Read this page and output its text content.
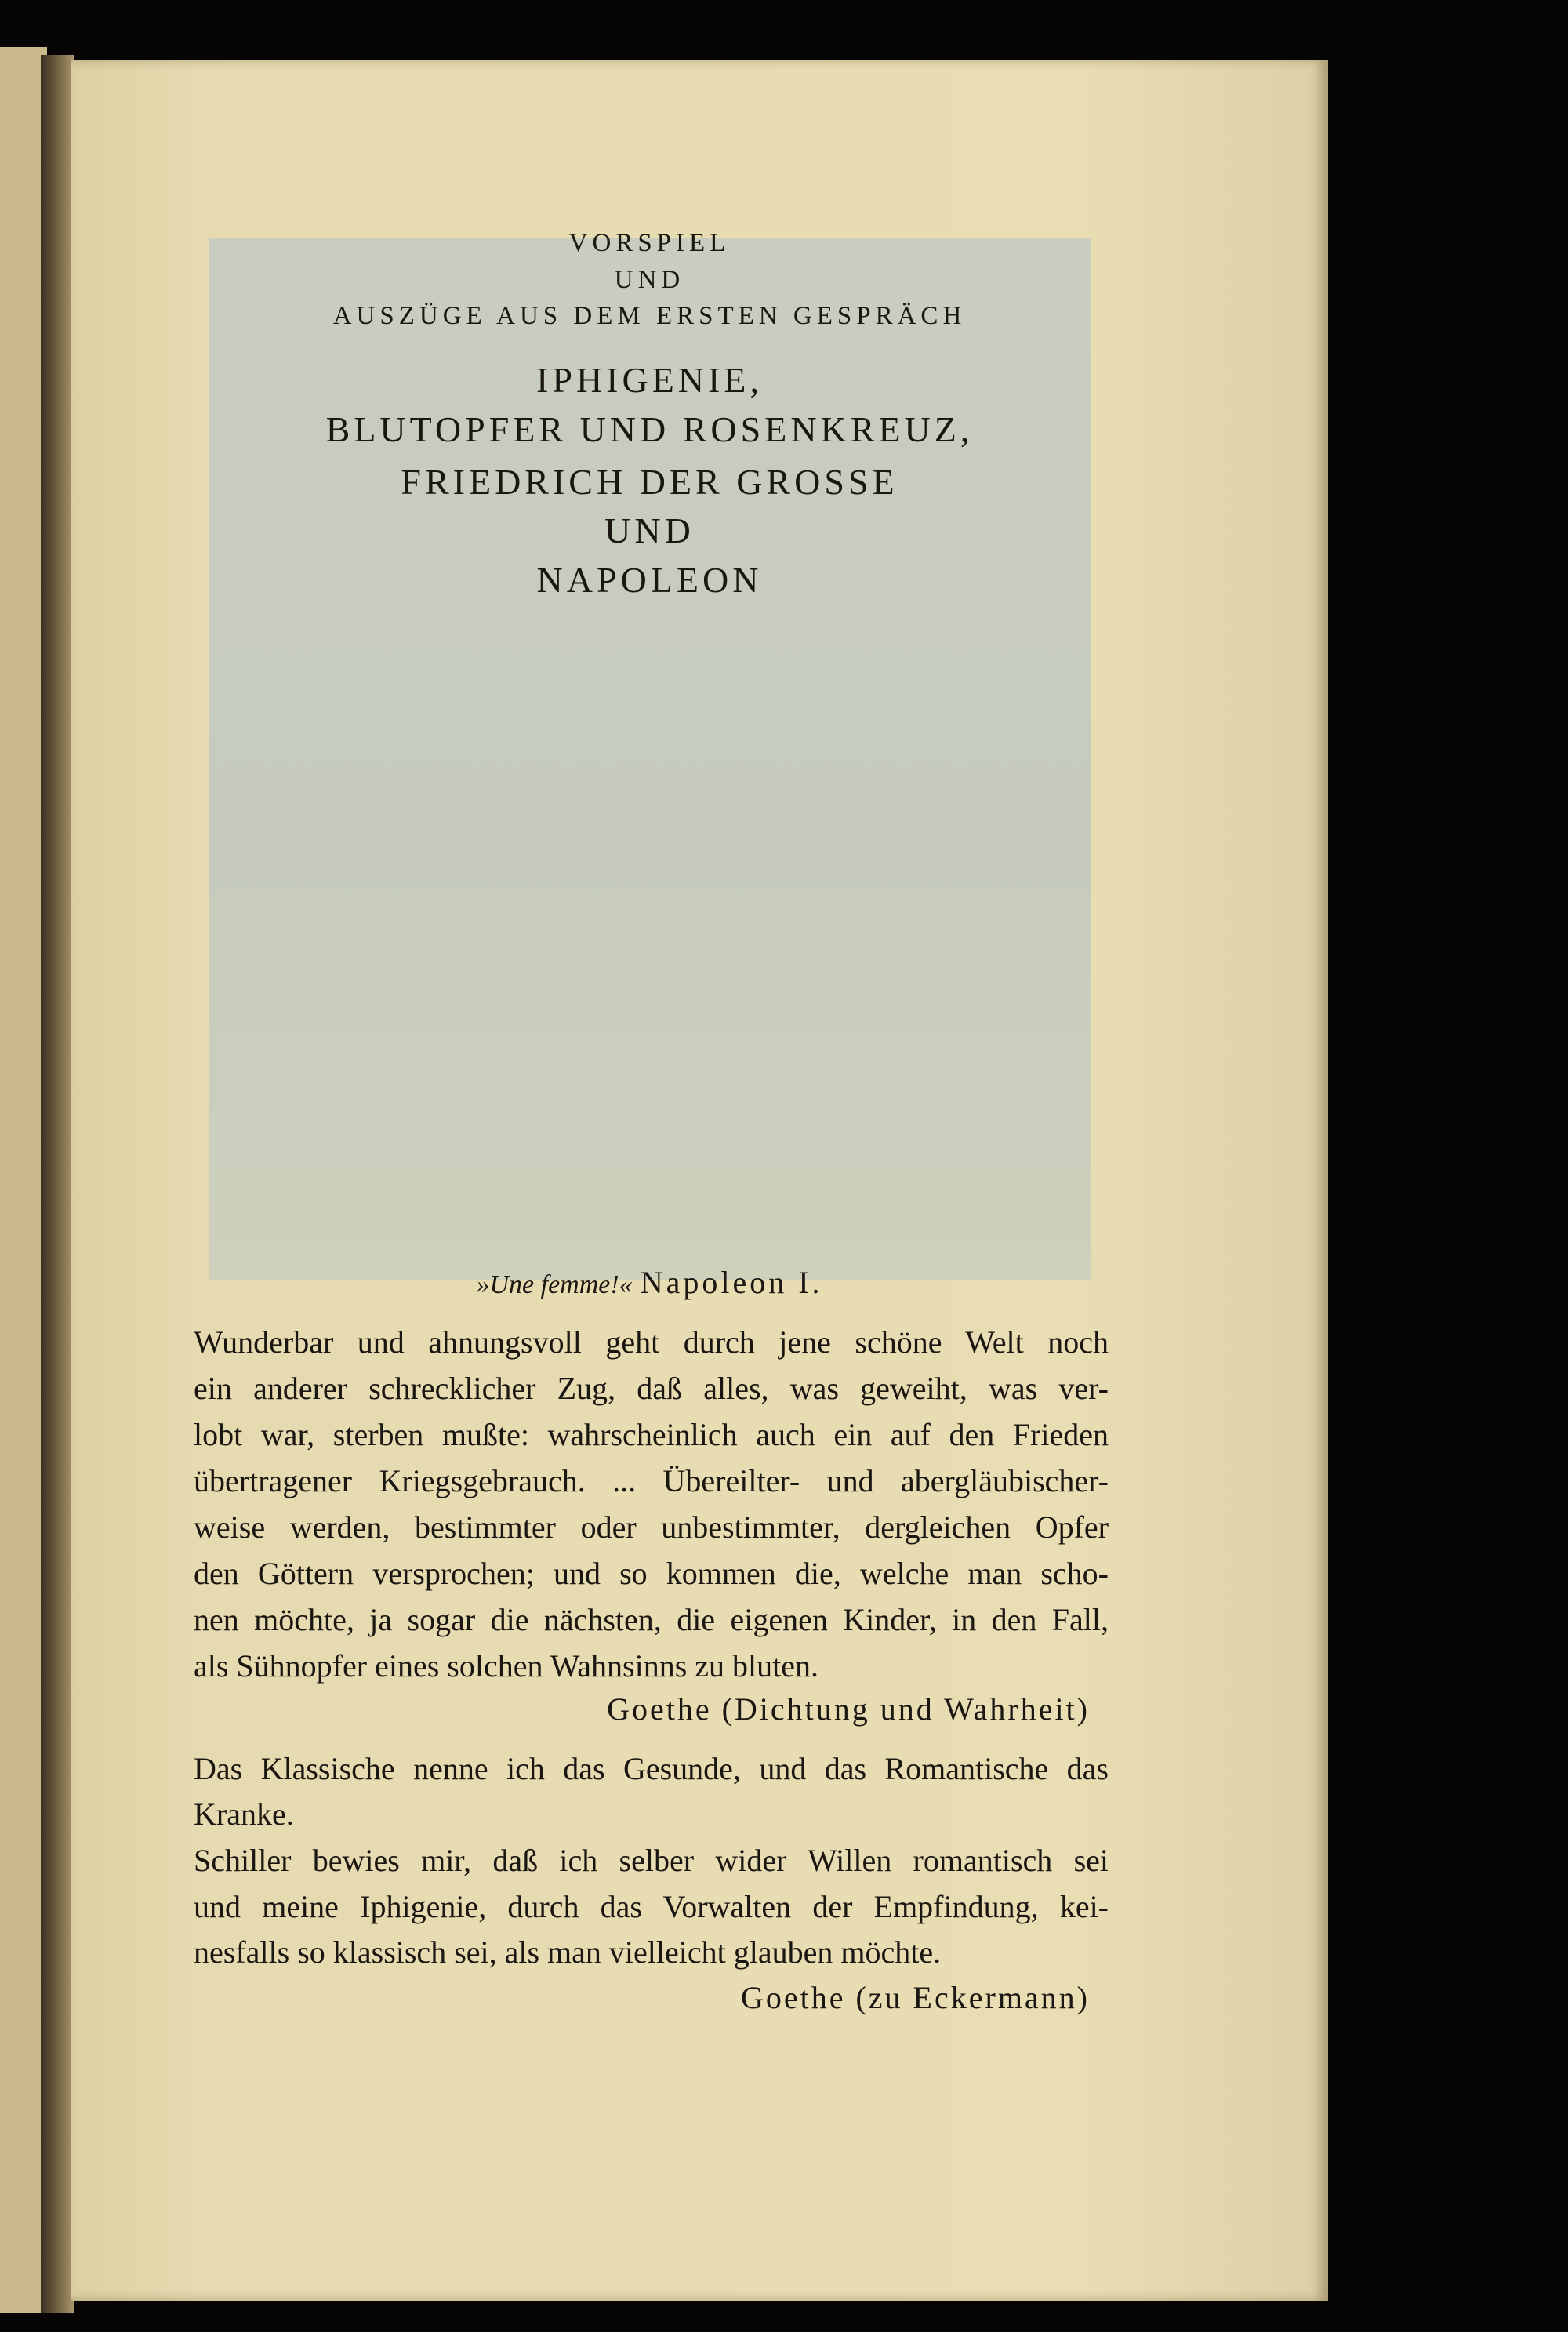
VORSPIEL
UND
AUSZÜGE AUS DEM ERSTEN GESPRÄCH
IPHIGENIE,
BLUTOPFER UND ROSENKREUZ,
FRIEDRICH DER GROSSE
UND
NAPOLEON
»Une femme!« Napoleon I.
Wunderbar und ahnungsvoll geht durch jene schöne Welt noch
ein anderer schrecklicher Zug, daß alles, was geweiht, was ver-
lobt war, sterben mußte: wahrscheinlich auch ein auf den Frieden
übertragener Kriegsgebrauch. ... Übereilter- und abergläubischer-
weise werden, bestimmter oder unbestimmter, dergleichen Opfer
den Göttern versprochen; und so kommen die, welche man scho-
nen möchte, ja sogar die nächsten, die eigenen Kinder, in den Fall,
als Sühnopfer eines solchen Wahnsinns zu bluten.
Goethe (Dichtung und Wahrheit)
Das Klassische nenne ich das Gesunde, und das Romantische das
Kranke.
Schiller bewies mir, daß ich selber wider Willen romantisch sei
und meine Iphigenie, durch das Vorwalten der Empfindung, kei-
nesfalls so klassisch sei, als man vielleicht glauben möchte.
Goethe (zu Eckermann)
